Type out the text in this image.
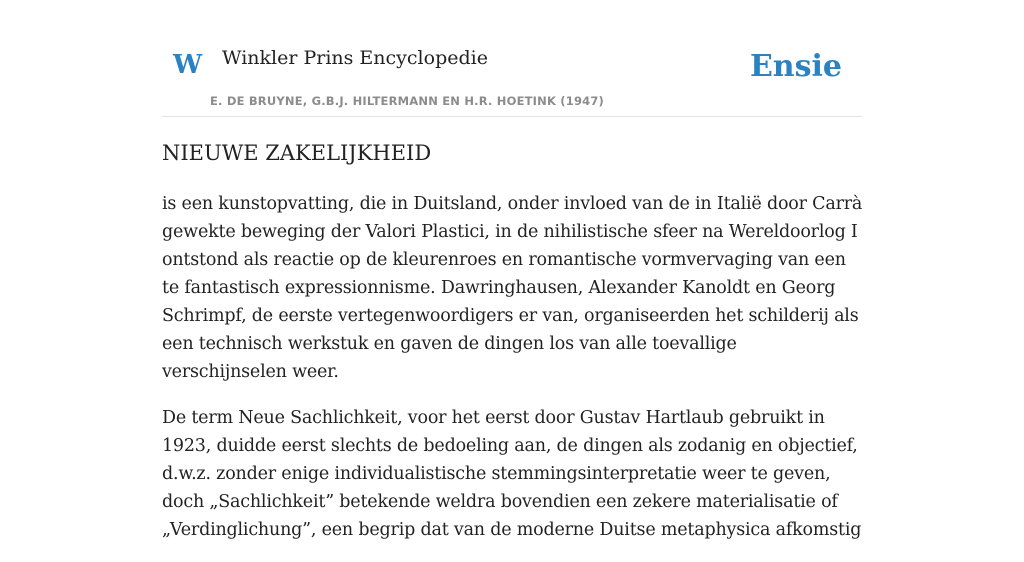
W Winkler Prins Encyclopedie
E. DE BRUYNE, G.B.J. HILTERMANN EN H.R. HOETINK (1947)
Ensie
NIEUWE ZAKELIJKHEID

is een kunstopvatting, die in Duitsland, onder invloed van de in Italië door Carrà gewekte beweging der Valori Plastici, in de nihilistische sfeer na Wereldoorlog I ontstond als reactie op de kleurenroes en romantische vormvervaging van een te fantastisch expressionnisme. Dawringhausen, Alexander Kanoldt en Georg Schrimpf, de eerste vertegenwoordigers er van, organiseerden het schilderij als een technisch werkstuk en gaven de dingen los van alle toevallige verschijnselen weer.

De term Neue Sachlichkeit, voor het eerst door Gustav Hartlaub gebruikt in 1923, duidde eerst slechts de bedoeling aan, de dingen als zodanig en objectief, d.w.z. zonder enige individualistische stemmingsinterpretatie weer te geven, doch „Sachlichkeit” betekende weldra bovendien een zekere materialisatie of „Verdinglichung”, een begrip dat van de moderne Duitse metaphysica afkomstig
